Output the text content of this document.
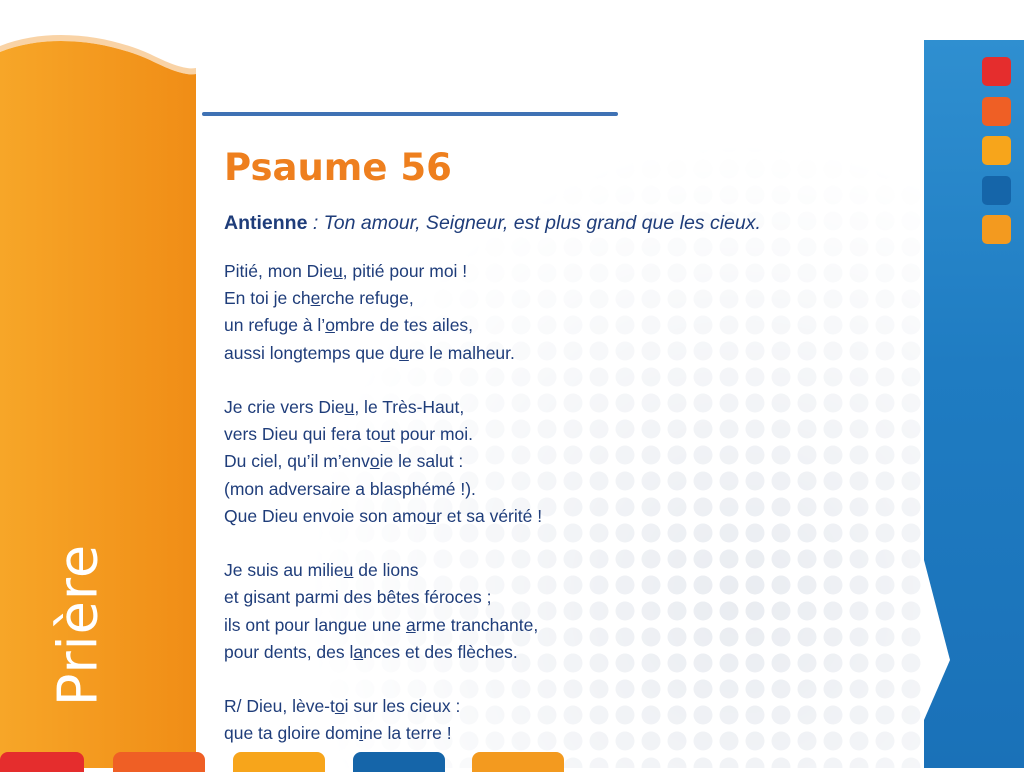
Prière
Psaume 56
Antienne : Ton amour, Seigneur, est plus grand que les cieux.
Pitié, mon Dieu, pitié pour moi !
En toi je cherche refuge,
un refuge à l’ombre de tes ailes,
aussi longtemps que dure le malheur.
Je crie vers Dieu, le Très-Haut,
vers Dieu qui fera tout pour moi.
Du ciel, qu’il m’envoie le salut :
(mon adversaire a blasphémé !).
Que Dieu envoie son amour et sa vérité !
Je suis au milieu de lions
et gisant parmi des bêtes féroces ;
ils ont pour langue une arme tranchante,
pour dents, des lances et des flèches.
R/ Dieu, lève-toi sur les cieux :
que ta gloire domine la terre !
